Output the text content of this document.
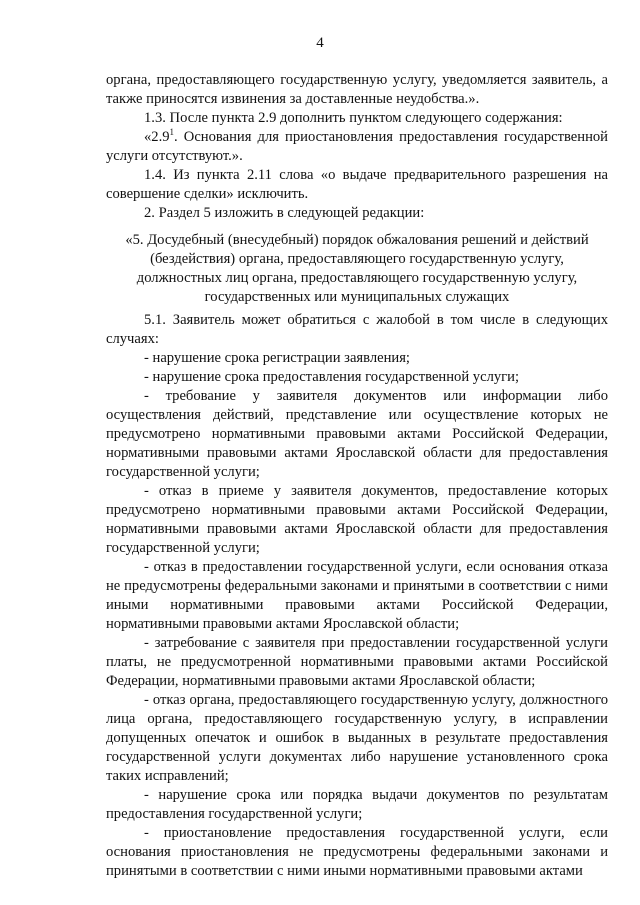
4

органа, предоставляющего государственную услугу, уведомляется заявитель, а также приносятся извинения за доставленные неудобства.».

1.3. После пункта 2.9 дополнить пунктом следующего содержания:

«$2.9^1$. Основания для приостановления предоставления государственной услуги отсутствуют.».

1.4. Из пункта 2.11 слова «о выдаче предварительного разрешения на совершение сделки» исключить.

2. Раздел 5 изложить в следующей редакции:

«5. Досудебный (внесудебный) порядок обжалования решений и действий (бездействия) органа, предоставляющего государственную услугу, должностных лиц органа, предоставляющего государственную услугу, государственных или муниципальных служащих

5.1. Заявитель может обратиться с жалобой в том числе в следующих случаях:

- нарушение срока регистрации заявления;

- нарушение срока предоставления государственной услуги;

- требование у заявителя документов или информации либо осуществления действий, представление или осуществление которых не предусмотрено нормативными правовыми актами Российской Федерации, нормативными правовыми актами Ярославской области для предоставления государственной услуги;

- отказ в приеме у заявителя документов, предоставление которых предусмотрено нормативными правовыми актами Российской Федерации, нормативными правовыми актами Ярославской области для предоставления государственной услуги;

- отказ в предоставлении государственной услуги, если основания отказа не предусмотрены федеральными законами и принятыми в соответствии с ними иными нормативными правовыми актами Российской Федерации, нормативными правовыми актами Ярославской области;

- затребование с заявителя при предоставлении государственной услуги платы, не предусмотренной нормативными правовыми актами Российской Федерации, нормативными правовыми актами Ярославской области;

- отказ органа, предоставляющего государственную услугу, должностного лица органа, предоставляющего государственную услугу, в исправлении допущенных опечаток и ошибок в выданных в результате предоставления государственной услуги документах либо нарушение установленного срока таких исправлений;

- нарушение срока или порядка выдачи документов по результатам предоставления государственной услуги;

- приостановление предоставления государственной услуги, если основания приостановления не предусмотрены федеральными законами и принятыми в соответствии с ними иными нормативными правовыми актами
